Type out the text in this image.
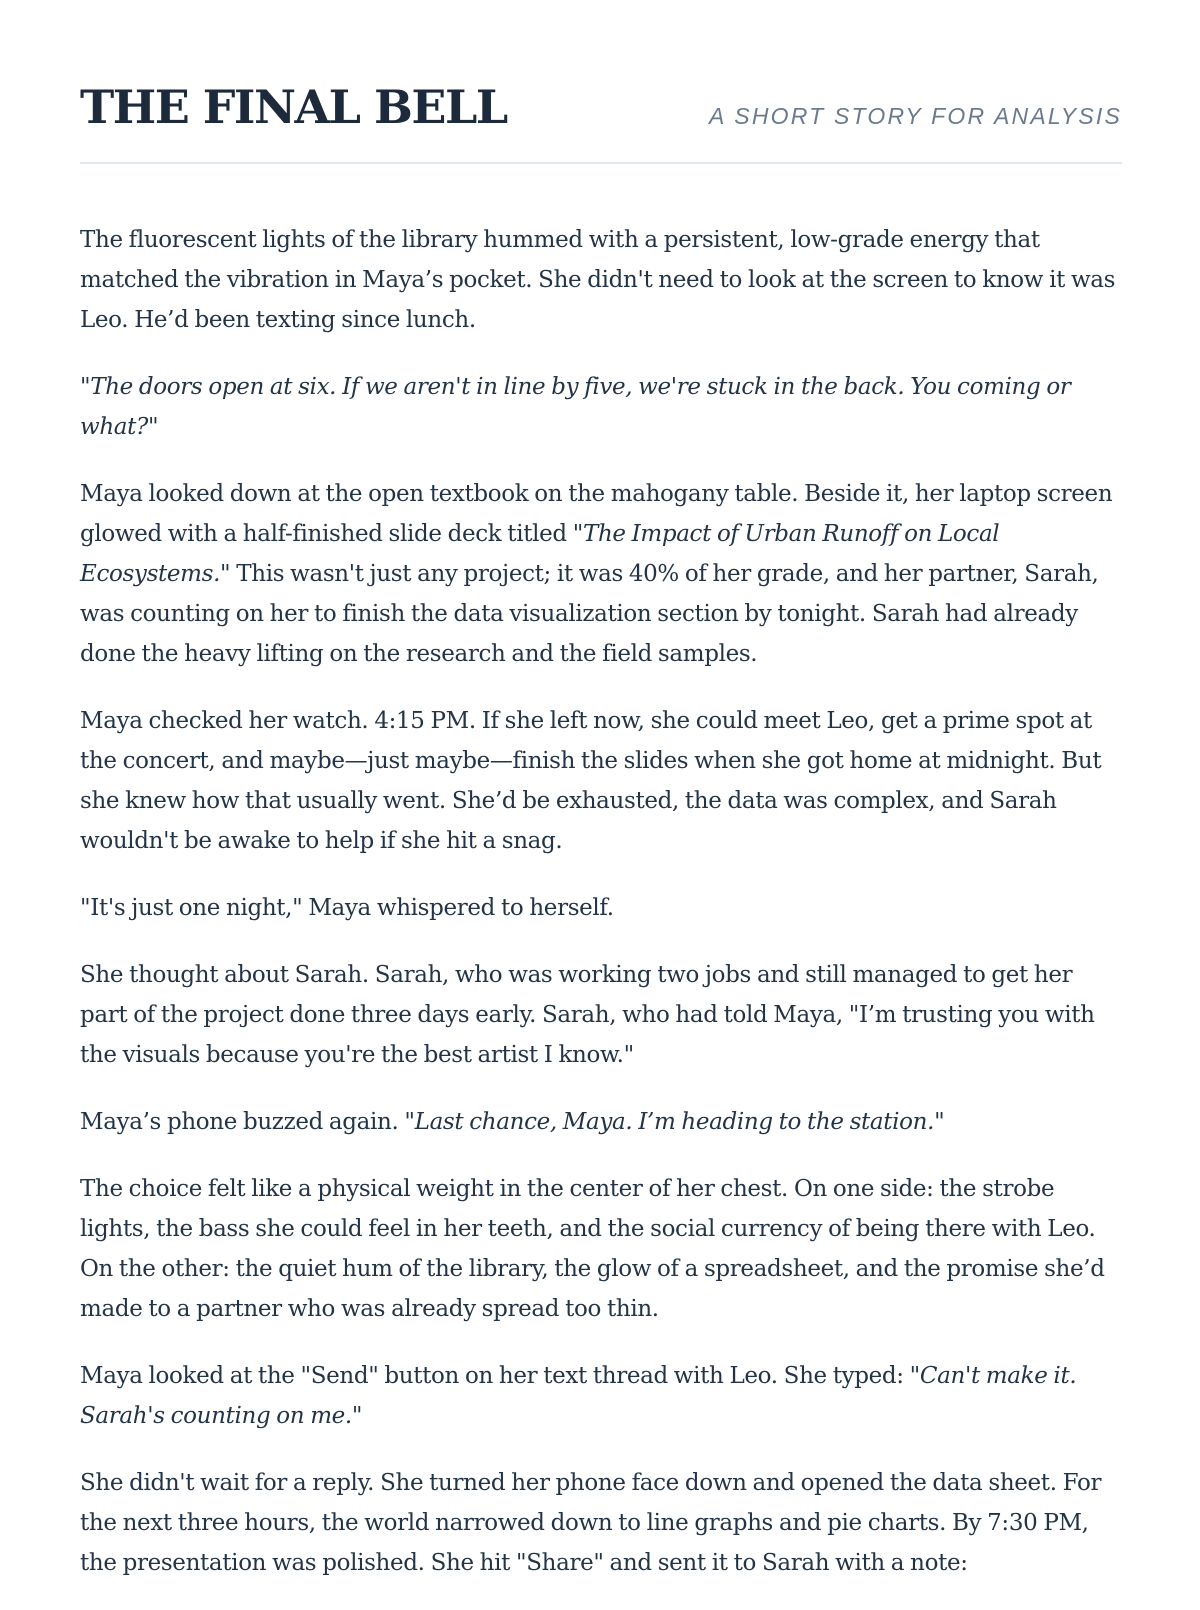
THE FINAL BELL	A SHORT STORY FOR ANALYSIS

The fluorescent lights of the library hummed with a persistent, low-grade energy that matched the vibration in Maya’s pocket. She didn't need to look at the screen to know it was Leo. He’d been texting since lunch.

"The doors open at six. If we aren't in line by five, we're stuck in the back. You coming or what?"

Maya looked down at the open textbook on the mahogany table. Beside it, her laptop screen glowed with a half-finished slide deck titled "The Impact of Urban Runoff on Local Ecosystems." This wasn't just any project; it was 40% of her grade, and her partner, Sarah, was counting on her to finish the data visualization section by tonight. Sarah had already done the heavy lifting on the research and the field samples.

Maya checked her watch. 4:15 PM. If she left now, she could meet Leo, get a prime spot at the concert, and maybe—just maybe—finish the slides when she got home at midnight. But she knew how that usually went. She’d be exhausted, the data was complex, and Sarah wouldn't be awake to help if she hit a snag.

"It's just one night," Maya whispered to herself.

She thought about Sarah. Sarah, who was working two jobs and still managed to get her part of the project done three days early. Sarah, who had told Maya, "I’m trusting you with the visuals because you're the best artist I know."

Maya’s phone buzzed again. "Last chance, Maya. I’m heading to the station."

The choice felt like a physical weight in the center of her chest. On one side: the strobe lights, the bass she could feel in her teeth, and the social currency of being there with Leo. On the other: the quiet hum of the library, the glow of a spreadsheet, and the promise she’d made to a partner who was already spread too thin.

Maya looked at the "Send" button on her text thread with Leo. She typed: "Can't make it. Sarah's counting on me."

She didn't wait for a reply. She turned her phone face down and opened the data sheet. For the next three hours, the world narrowed down to line graphs and pie charts. By 7:30 PM, the presentation was polished. She hit "Share" and sent it to Sarah with a note:
